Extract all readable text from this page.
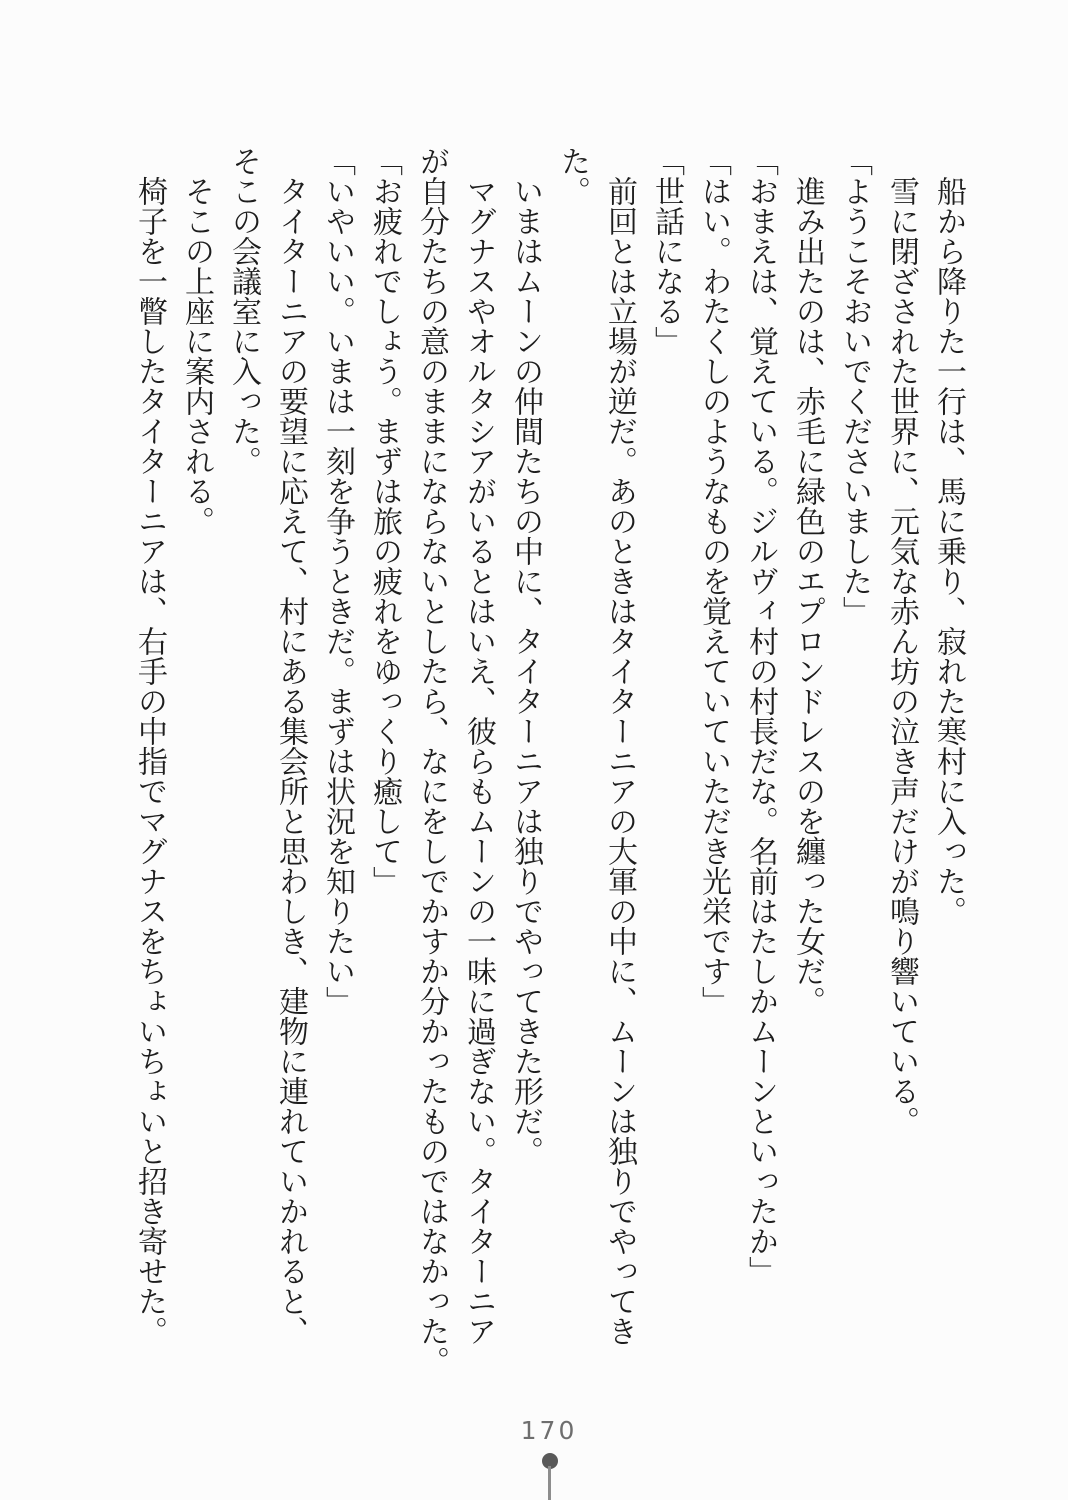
　船から降りた一行は、馬に乗り、寂れた寒村に入った。

　雪に閉ざされた世界に、元気な赤ん坊の泣き声だけが鳴り響いている。

「ようこそおいでくださいました」

　進み出たのは、赤毛に緑色のエプロンドレスのを纏った女だ。

「おまえは、覚えている。ジルヴィ村の村長だな。名前はたしかムーンといったか」

「はい。わたくしのようなものを覚えていていただき光栄です」

「世話になる」

　前回とは立場が逆だ。あのときはタイターニアの大軍の中に、ムーンは独りでやってき

た。

　いまはムーンの仲間たちの中に、タイターニアは独りでやってきた形だ。

　マグナスやオルタシアがいるとはいえ、彼らもムーンの一味に過ぎない。タイターニア

が自分たちの意のままにならないとしたら、なにをしでかすか分かったものではなかった。

「お疲れでしょう。まずは旅の疲れをゆっくり癒して」

「いやいい。いまは一刻を争うときだ。まずは状況を知りたい」

　タイターニアの要望に応えて、村にある集会所と思わしき、建物に連れていかれると、

そこの会議室に入った。

　そこの上座に案内される。

　椅子を一瞥したタイターニアは、右手の中指でマグナスをちょいちょいと招き寄せた。

170
